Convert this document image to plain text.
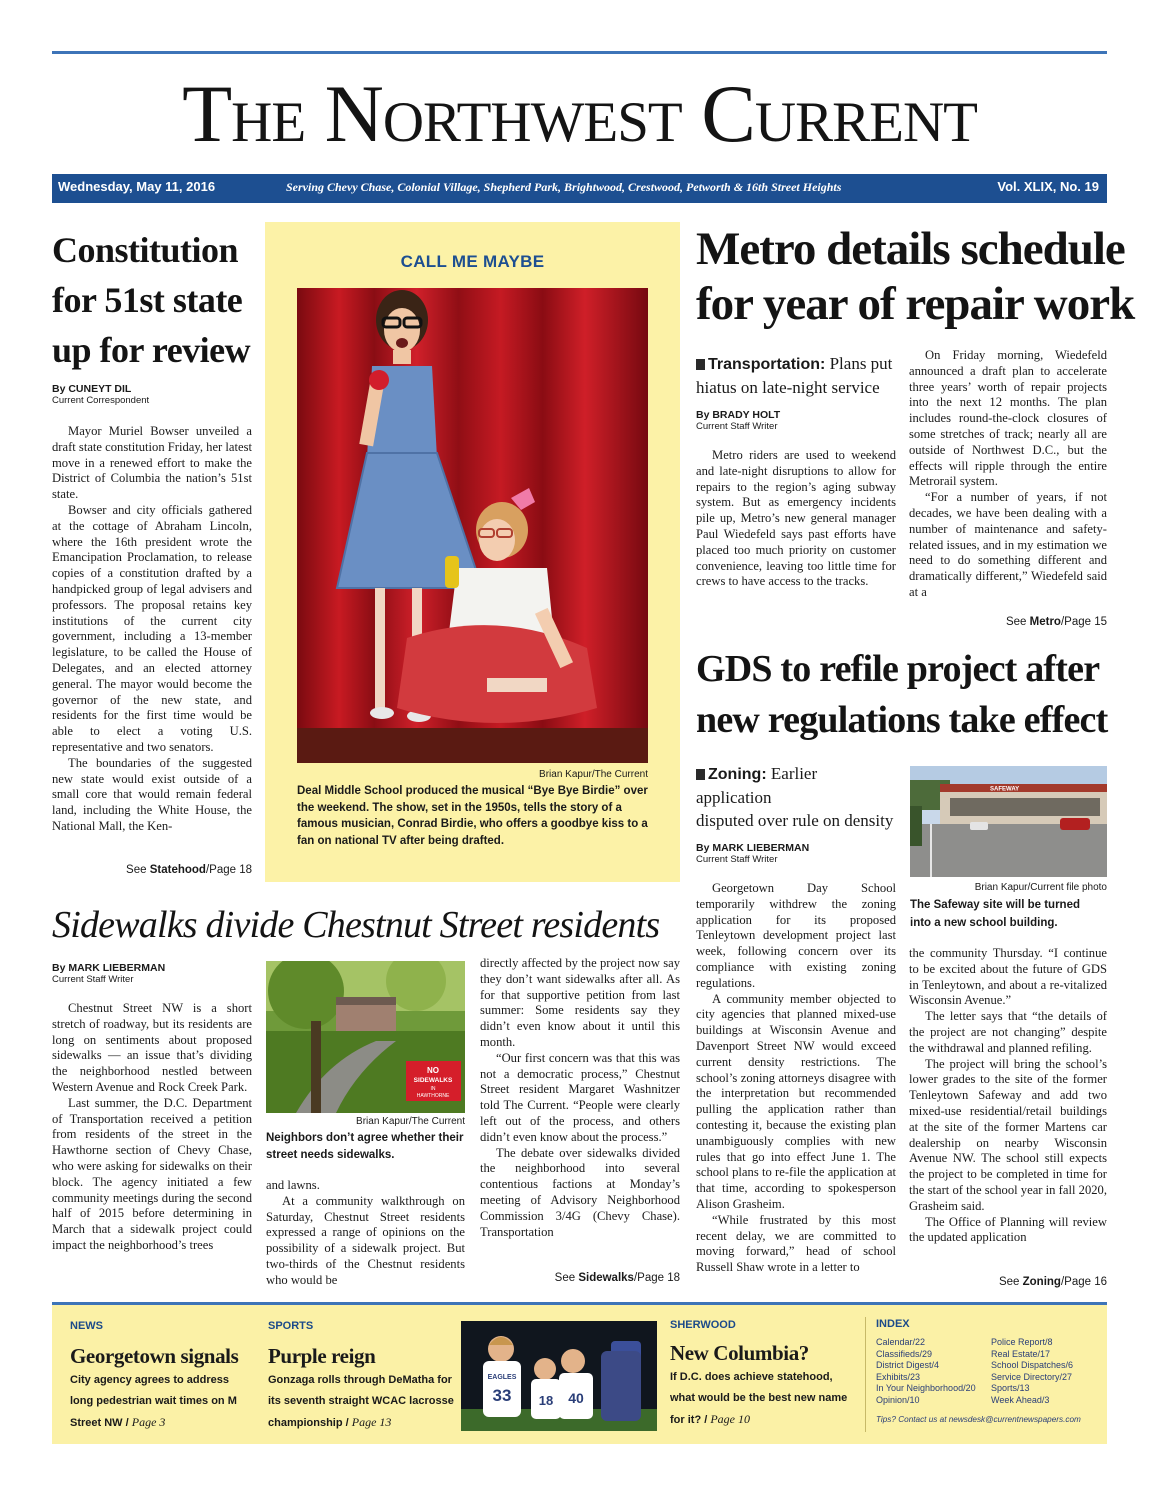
The Northwest Current
Wednesday, May 11, 2016	Serving Chevy Chase, Colonial Village, Shepherd Park, Brightwood, Crestwood, Petworth & 16th Street Heights	Vol. XLIX, No. 19
Constitution
for 51st state
up for review
By CUNEYT DIL
Current Correspondent

Mayor Muriel Bowser unveiled a draft state constitution Friday, her latest move in a renewed effort to make the District of Columbia the nation’s 51st state.

Bowser and city officials gathered at the cottage of Abraham Lincoln, where the 16th president wrote the Emancipation Proclamation, to release copies of a constitution drafted by a handpicked group of legal advisers and professors. The proposal retains key institutions of the current city government, including a 13-member legislature, to be called the House of Delegates, and an elected attorney general. The mayor would become the governor of the new state, and residents for the first time would be able to elect a voting U.S. representative and two senators.

The boundaries of the suggested new state would exist outside of a small core that would remain federal land, including the White House, the National Mall, the Ken-

See Statehood/Page 18
CALL ME MAYBE
Brian Kapur/The Current
Deal Middle School produced the musical “Bye Bye Birdie” over the weekend. The show, set in the 1950s, tells the story of a famous musician, Conrad Birdie, who offers a goodbye kiss to a fan on national TV after being drafted.
Metro details schedule
for year of repair work
Transportation: Plans put
hiatus on late-night service
By BRADY HOLT
Current Staff Writer

Metro riders are used to weekend and late-night disruptions to allow for repairs to the region’s aging subway system. But as emergency incidents pile up, Metro’s new general manager Paul Wiedefeld says past efforts have placed too much priority on customer convenience, leaving too little time for crews to have access to the tracks.

On Friday morning, Wiedefeld announced a draft plan to accelerate three years’ worth of repair projects into the next 12 months. The plan includes round-the-clock closures of some stretches of track; nearly all are outside of Northwest D.C., but the effects will ripple through the entire Metrorail system.

“For a number of years, if not decades, we have been dealing with a number of maintenance and safety-related issues, and in my estimation we need to do something different and dramatically different,” Wiedefeld said at a

See Metro/Page 15
GDS to refile project after
new regulations take effect
Zoning: Earlier application
disputed over rule on density
By MARK LIEBERMAN
Current Staff Writer

Georgetown Day School temporarily withdrew the zoning application for its proposed Tenleytown development project last week, following concern over its compliance with existing zoning regulations.

A community member objected to city agencies that planned mixed-use buildings at Wisconsin Avenue and Davenport Street NW would exceed current density restrictions. The school’s zoning attorneys disagree with the interpretation but recommended pulling the application rather than contesting it, because the existing plan unambiguously complies with new rules that go into effect June 1. The school plans to re-file the application at that time, according to spokesperson Alison Grasheim.

“While frustrated by this most recent delay, we are committed to moving forward,” head of school Russell Shaw wrote in a letter to

SAFEWAY
Brian Kapur/Current file photo
The Safeway site will be turned into a new school building.

the community Thursday. “I continue to be excited about the future of GDS in Tenleytown, and about a re-vitalized Wisconsin Avenue.”

The letter says that “the details of the project are not changing” despite the withdrawal and planned refiling.

The project will bring the school’s lower grades to the site of the former Tenleytown Safeway and add two mixed-use residential/retail buildings at the site of the former Martens car dealership on nearby Wisconsin Avenue NW. The school still expects the project to be completed in time for the start of the school year in fall 2020, Grasheim said.

The Office of Planning will review the updated application

See Zoning/Page 16
Sidewalks divide Chestnut Street residents
By MARK LIEBERMAN
Current Staff Writer

Chestnut Street NW is a short stretch of roadway, but its residents are long on sentiments about proposed sidewalks — an issue that’s dividing the neighborhood nestled between Western Avenue and Rock Creek Park.

Last summer, the D.C. Department of Transportation received a petition from residents of the street in the Hawthorne section of Chevy Chase, who were asking for sidewalks on their block. The agency initiated a few community meetings during the second half of 2015 before determining in March that a sidewalk project could impact the neighborhood’s trees

NO
SIDEWALKS
IN
HAWTHORNE
Brian Kapur/The Current
Neighbors don’t agree whether their street needs sidewalks.

and lawns.

At a community walkthrough on Saturday, Chestnut Street residents expressed a range of opinions on the possibility of a sidewalk project. But two-thirds of the Chestnut residents who would be

directly affected by the project now say they don’t want sidewalks after all. As for that supportive petition from last summer: Some residents say they didn’t even know about it until this month.

“Our first concern was that this was not a democratic process,” Chestnut Street resident Margaret Washnitzer told The Current. “People were clearly left out of the process, and others didn’t even know about the process.”

The debate over sidewalks divided the neighborhood into several contentious factions at Monday’s meeting of Advisory Neighborhood Commission 3/4G (Chevy Chase). Transportation

See Sidewalks/Page 18
NEWS
Georgetown signals
City agency agrees to address long pedestrian wait times on M Street NW / Page 3
SPORTS
Purple reign
Gonzaga rolls through DeMatha for its seventh straight WCAC lacrosse championship / Page 13
EAGLES
33 18 40
SHERWOOD
New Columbia?
If D.C. does achieve statehood, what would be the best new name for it? / Page 10
INDEX
Calendar/22
Classifieds/29
District Digest/4
Exhibits/23
In Your Neighborhood/20
Opinion/10
Police Report/8
Real Estate/17
School Dispatches/6
Service Directory/27
Sports/13
Week Ahead/3
Tips? Contact us at newsdesk@currentnewspapers.com
